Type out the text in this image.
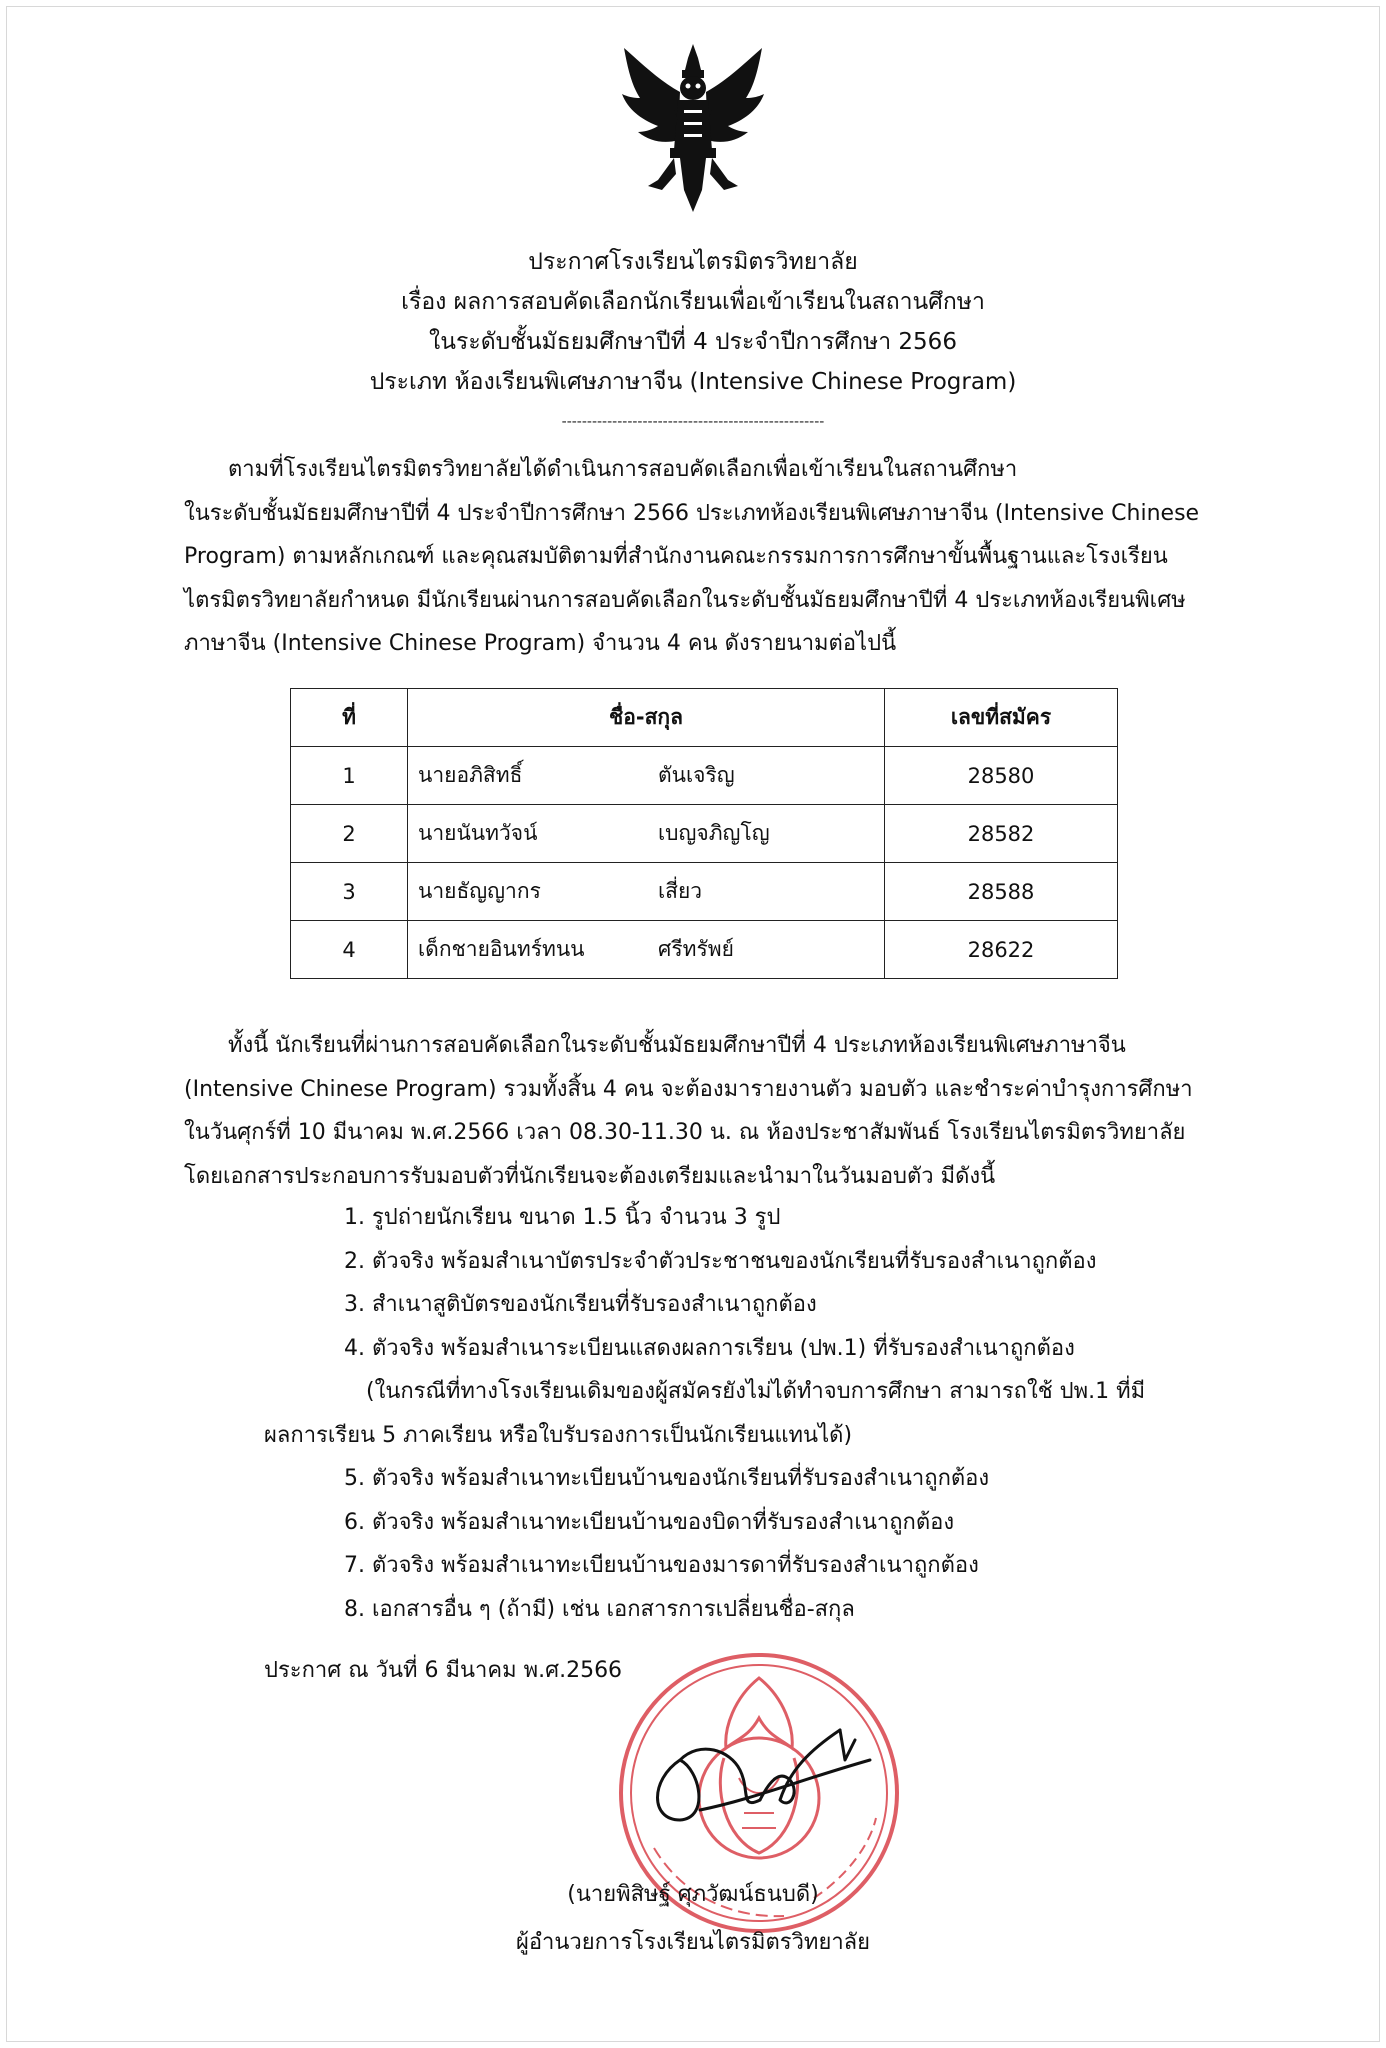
ประกาศโรงเรียนไตรมิตรวิทยาลัย
เรื่อง ผลการสอบคัดเลือกนักเรียนเพื่อเข้าเรียนในสถานศึกษา
ในระดับชั้นมัธยมศึกษาปีที่ 4 ประจำปีการศึกษา 2566
ประเภท ห้องเรียนพิเศษภาษาจีน (Intensive Chinese Program)
----------------------------------------------------
ตามที่โรงเรียนไตรมิตรวิทยาลัยได้ดำเนินการสอบคัดเลือกเพื่อเข้าเรียนในสถานศึกษา
ในระดับชั้นมัธยมศึกษาปีที่ 4 ประจำปีการศึกษา 2566 ประเภทห้องเรียนพิเศษภาษาจีน (Intensive Chinese
Program) ตามหลักเกณฑ์ และคุณสมบัติตามที่สำนักงานคณะกรรมการการศึกษาขั้นพื้นฐานและโรงเรียน
ไตรมิตรวิทยาลัยกำหนด มีนักเรียนผ่านการสอบคัดเลือกในระดับชั้นมัธยมศึกษาปีที่ 4 ประเภทห้องเรียนพิเศษ
ภาษาจีน (Intensive Chinese Program) จำนวน 4 คน ดังรายนามต่อไปนี้
ที่	ชื่อ-สกุล	เลขที่สมัคร
1	นายอภิสิทธิ์ ตันเจริญ	28580
2	นายนันทวัจน์ เบญจภิญโญ	28582
3	นายธัญญากร เสี่ยว	28588
4	เด็กชายอินทร์ทนน ศรีทรัพย์	28622
ทั้งนี้ นักเรียนที่ผ่านการสอบคัดเลือกในระดับชั้นมัธยมศึกษาปีที่ 4 ประเภทห้องเรียนพิเศษภาษาจีน
(Intensive Chinese Program) รวมทั้งสิ้น 4 คน จะต้องมารายงานตัว มอบตัว และชำระค่าบำรุงการศึกษา
ในวันศุกร์ที่ 10 มีนาคม พ.ศ.2566 เวลา 08.30-11.30 น. ณ ห้องประชาสัมพันธ์ โรงเรียนไตรมิตรวิทยาลัย
โดยเอกสารประกอบการรับมอบตัวที่นักเรียนจะต้องเตรียมและนำมาในวันมอบตัว มีดังนี้
1. รูปถ่ายนักเรียน ขนาด 1.5 นิ้ว จำนวน 3 รูป
2. ตัวจริง พร้อมสำเนาบัตรประจำตัวประชาชนของนักเรียนที่รับรองสำเนาถูกต้อง
3. สำเนาสูติบัตรของนักเรียนที่รับรองสำเนาถูกต้อง
4. ตัวจริง พร้อมสำเนาระเบียนแสดงผลการเรียน (ปพ.1) ที่รับรองสำเนาถูกต้อง
(ในกรณีที่ทางโรงเรียนเดิมของผู้สมัครยังไม่ได้ทำจบการศึกษา สามารถใช้ ปพ.1 ที่มี
ผลการเรียน 5 ภาคเรียน หรือใบรับรองการเป็นนักเรียนแทนได้)
5. ตัวจริง พร้อมสำเนาทะเบียนบ้านของนักเรียนที่รับรองสำเนาถูกต้อง
6. ตัวจริง พร้อมสำเนาทะเบียนบ้านของบิดาที่รับรองสำเนาถูกต้อง
7. ตัวจริง พร้อมสำเนาทะเบียนบ้านของมารดาที่รับรองสำเนาถูกต้อง
8. เอกสารอื่น ๆ (ถ้ามี) เช่น เอกสารการเปลี่ยนชื่อ-สกุล
ประกาศ ณ วันที่ 6 มีนาคม พ.ศ.2566
(นายพิสิษฐ์ ศุภวัฒน์ธนบดี)
ผู้อำนวยการโรงเรียนไตรมิตรวิทยาลัย
